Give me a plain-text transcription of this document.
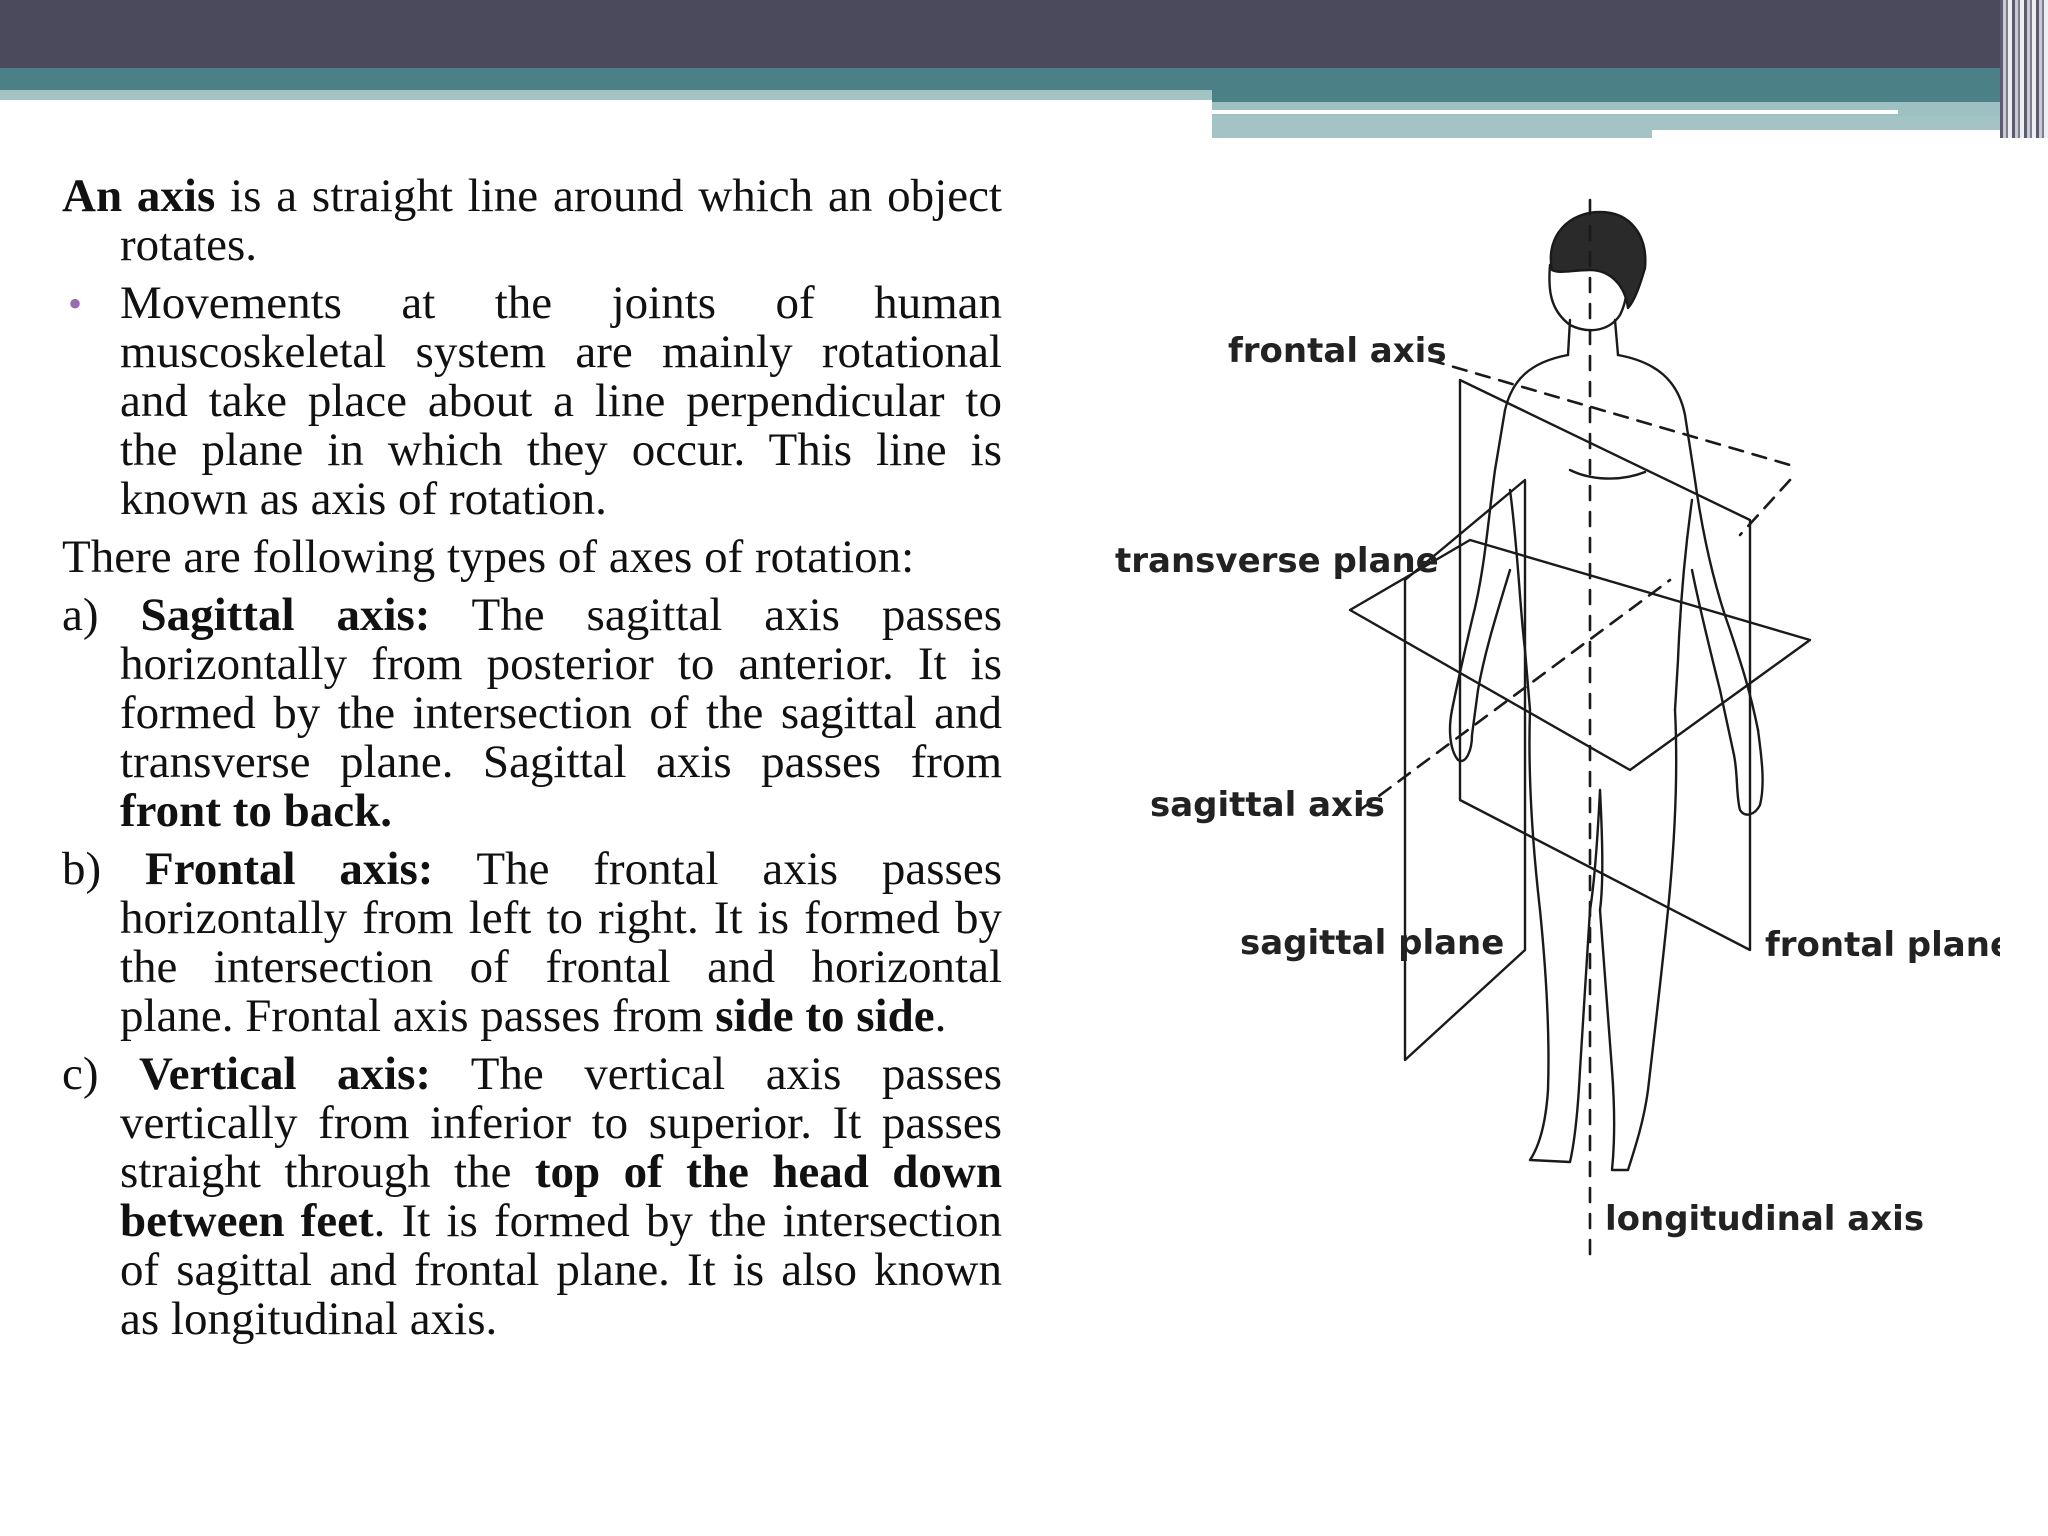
An axis is a straight line around which an object rotates.

• Movements at the joints of human muscoskeletal system are mainly rotational and take place about a line perpendicular to the plane in which they occur. This line is known as axis of rotation.

There are following types of axes of rotation:

a) Sagittal axis: The sagittal axis passes horizontally from posterior to anterior. It is formed by the intersection of the sagittal and transverse plane. Sagittal axis passes from front to back.

b) Frontal axis: The frontal axis passes horizontally from left to right. It is formed by the intersection of frontal and horizontal plane. Frontal axis passes from side to side.

c) Vertical axis: The vertical axis passes vertically from inferior to superior. It passes straight through the top of the head down between feet. It is formed by the intersection of sagittal and frontal plane. It is also known as longitudinal axis.

frontal axis
transverse plane
sagittal axis
sagittal plane	frontal plane
longitudinal axis
